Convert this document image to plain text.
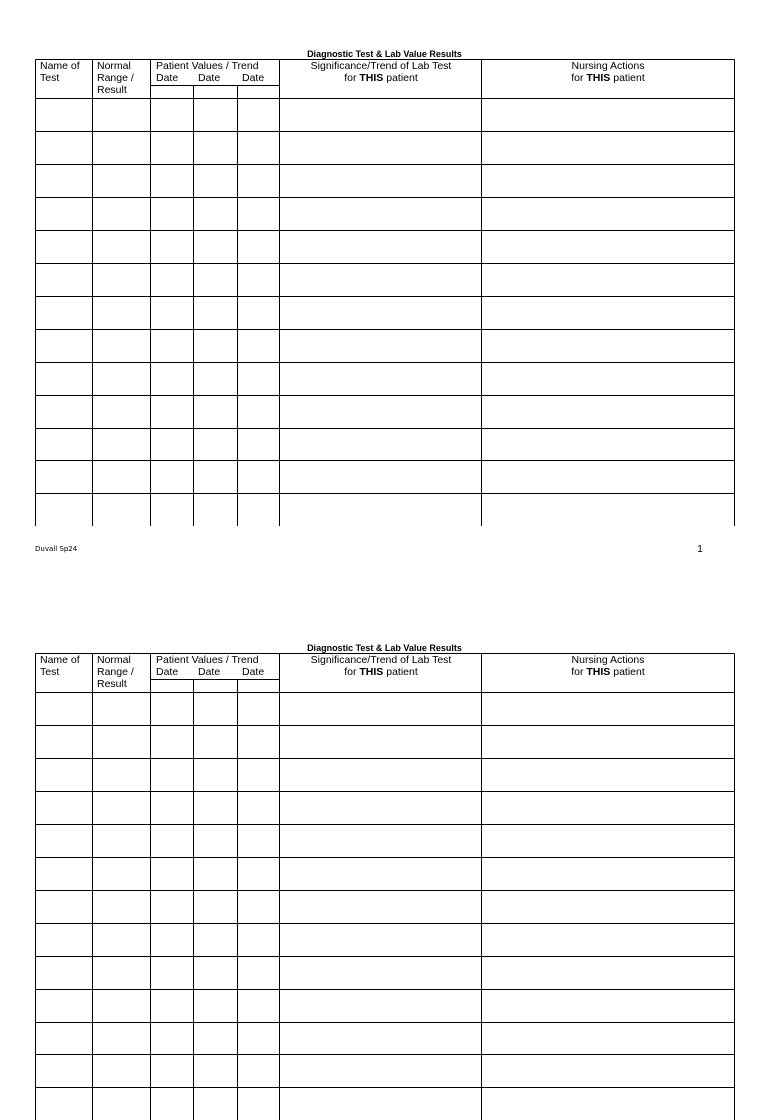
Diagnostic Test & Lab Value Results
Name of
Test
Normal
Range /
Result
Patient Values / Trend
Date Date Date
Significance/Trend of Lab Test
for THIS patient
Nursing Actions
for THIS patient
Duvall Sp24	1
Diagnostic Test & Lab Value Results
Name of
Test
Normal
Range /
Result
Patient Values / Trend
Date Date Date
Significance/Trend of Lab Test
for THIS patient
Nursing Actions
for THIS patient
